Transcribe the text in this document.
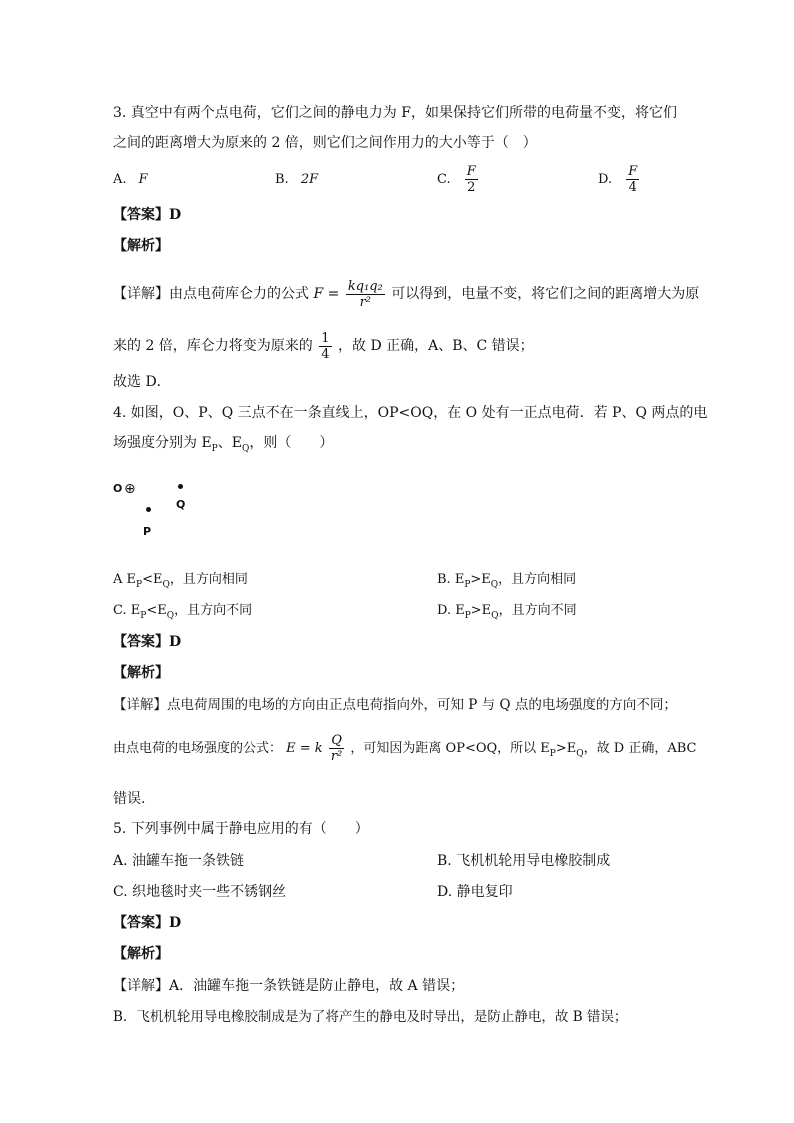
3. 真空中有两个点电荷，它们之间的静电力为 F，如果保持它们所带的电荷量不变，将它们
之间的距离增大为原来的 2 倍，则它们之间作用力的大小等于（　）
A. F	B. 2F	C. $\frac{F}{2}$	D. $\frac{F}{4}$
【答案】D
【解析】
【详解】由点电荷库仑力的公式 $F = \frac{\text{kq₁q₂}}{\text{r²}}$ 可以得到，电量不变，将它们之间的距离增大为原
来的 2 倍，库仑力将变为原来的 $\frac{1}{4}$ ，故 D 正确，A、B、C 错误；
故选 D．
4. 如图，O、P、Q 三点不在一条直线上，OP<OQ，在 O 处有一正点电荷．若 P、Q 两点的电
场强度分别为 $E_P$、$E_Q$，则（　　）
O ⊕
Q
P
A $E_P<E_Q$，且方向相同	B. $E_P>E_Q$，且方向相同
C. $E_P<E_Q$，且方向不同	D. $E_P>E_Q$，且方向不同
【答案】D
【解析】
【详解】点电荷周围的电场的方向由正点电荷指向外，可知 P 与 Q 点的电场强度的方向不同；
由点电荷的电场强度的公式： E = k $\frac{Q}{\text{r²}}$ ，可知因为距离 OP<OQ，所以 $E_P>E_Q$，故 D 正确，ABC
错误.
5. 下列事例中属于静电应用的有（　　）
A. 油罐车拖一条铁链	B. 飞机机轮用导电橡胶制成
C. 织地毯时夹一些不锈钢丝	D. 静电复印
【答案】D
【解析】
【详解】A．油罐车拖一条铁链是防止静电，故 A 错误；
B．飞机机轮用导电橡胶制成是为了将产生的静电及时导出，是防止静电，故 B 错误；
